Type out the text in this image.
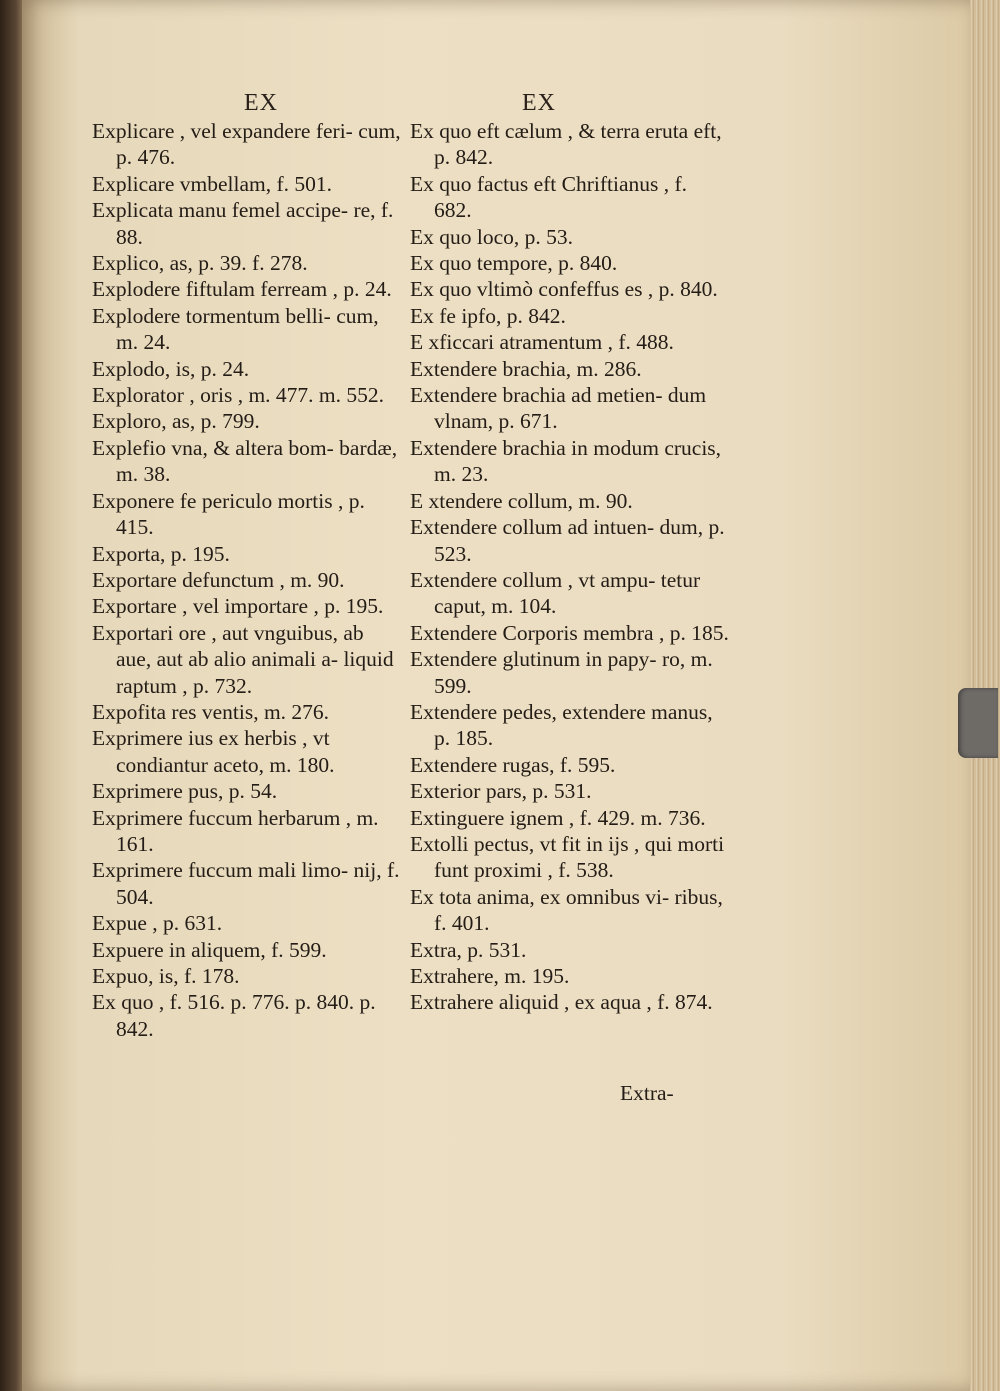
EX	EX

Explicare , vel expandere feri- cum, p. 476.

Explicare vmbellam, f. 501.

Explicata manu femel accipe- re, f. 88.

Explico, as, p. 39. f. 278.

Explodere fiftulam ferream , p. 24.

Explodere tormentum belli- cum, m. 24.

Explodo, is, p. 24.

Explorator , oris , m. 477. m. 552.

Exploro, as, p. 799.

Explefio vna, & altera bom- bardæ, m. 38.

Exponere fe periculo mortis , p. 415.

Exporta, p. 195.

Exportare defunctum , m. 90.

Exportare , vel importare , p. 195.

Exportari ore , aut vnguibus, ab aue, aut ab alio animali a- liquid raptum , p. 732.

Expofita res ventis, m. 276.

Exprimere ius ex herbis , vt condiantur aceto, m. 180.

Exprimere pus, p. 54.

Exprimere fuccum herbarum , m. 161.

Exprimere fuccum mali limo- nij, f. 504.

Expue , p. 631.

Expuere in aliquem, f. 599.

Expuo, is, f. 178.

Ex quo , f. 516. p. 776. p. 840. p. 842.

Ex quo eft cælum , & terra eruta eft, p. 842.

Ex quo factus eft Chriftianus , f. 682.

Ex quo loco, p. 53.

Ex quo tempore, p. 840.

Ex quo vltimò confeffus es , p. 840.

Ex fe ipfo, p. 842.

E xficcari atramentum , f. 488.

Extendere brachia, m. 286.

Extendere brachia ad metien- dum vlnam, p. 671.

Extendere brachia in modum crucis, m. 23.

E xtendere collum, m. 90.

Extendere collum ad intuen- dum, p. 523.

Extendere collum , vt ampu- tetur caput, m. 104.

Extendere Corporis membra , p. 185.

Extendere glutinum in papy- ro, m. 599.

Extendere pedes, extendere manus, p. 185.

Extendere rugas, f. 595.

Exterior pars, p. 531.

Extinguere ignem , f. 429. m. 736.

Extolli pectus, vt fit in ijs , qui morti funt proximi , f. 538.

Ex tota anima, ex omnibus vi- ribus, f. 401.

Extra, p. 531.

Extrahere, m. 195.

Extrahere aliquid , ex aqua , f. 874.

Extra-
